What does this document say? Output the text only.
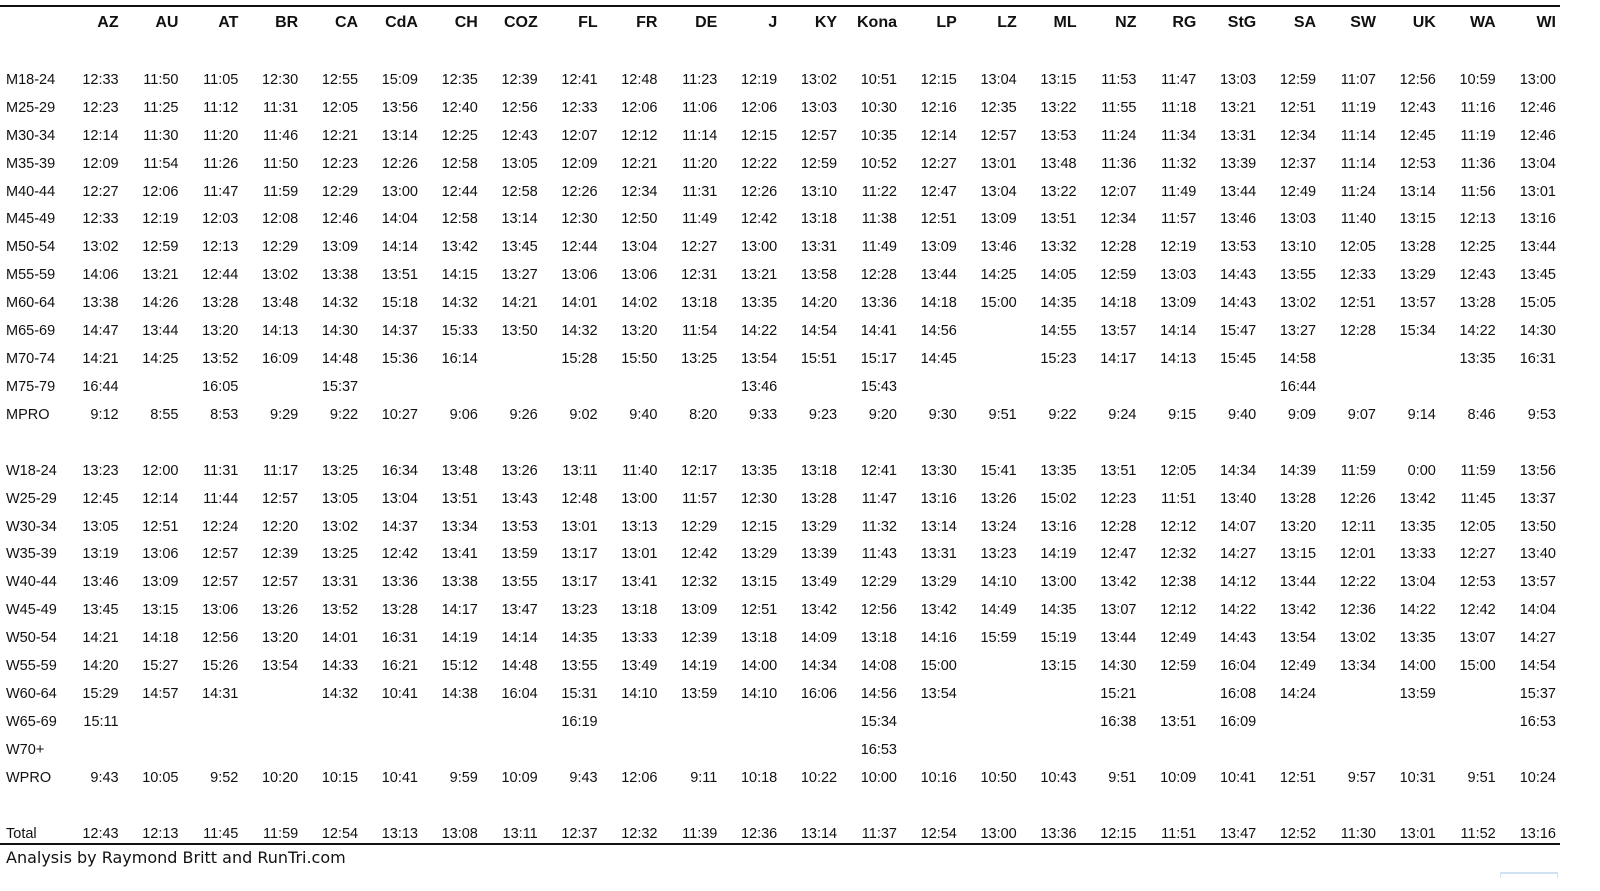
	AZ	AU	AT	BR	CA	CdA	CH	COZ	FL	FR	DE	J	KY	Kona	LP	LZ	ML	NZ	RG	StG	SA	SW	UK	WA	WI

M18-24	12:33	11:50	11:05	12:30	12:55	15:09	12:35	12:39	12:41	12:48	11:23	12:19	13:02	10:51	12:15	13:04	13:15	11:53	11:47	13:03	12:59	11:07	12:56	10:59	13:00
M25-29	12:23	11:25	11:12	11:31	12:05	13:56	12:40	12:56	12:33	12:06	11:06	12:06	13:03	10:30	12:16	12:35	13:22	11:55	11:18	13:21	12:51	11:19	12:43	11:16	12:46
M30-34	12:14	11:30	11:20	11:46	12:21	13:14	12:25	12:43	12:07	12:12	11:14	12:15	12:57	10:35	12:14	12:57	13:53	11:24	11:34	13:31	12:34	11:14	12:45	11:19	12:46
M35-39	12:09	11:54	11:26	11:50	12:23	12:26	12:58	13:05	12:09	12:21	11:20	12:22	12:59	10:52	12:27	13:01	13:48	11:36	11:32	13:39	12:37	11:14	12:53	11:36	13:04
M40-44	12:27	12:06	11:47	11:59	12:29	13:00	12:44	12:58	12:26	12:34	11:31	12:26	13:10	11:22	12:47	13:04	13:22	12:07	11:49	13:44	12:49	11:24	13:14	11:56	13:01
M45-49	12:33	12:19	12:03	12:08	12:46	14:04	12:58	13:14	12:30	12:50	11:49	12:42	13:18	11:38	12:51	13:09	13:51	12:34	11:57	13:46	13:03	11:40	13:15	12:13	13:16
M50-54	13:02	12:59	12:13	12:29	13:09	14:14	13:42	13:45	12:44	13:04	12:27	13:00	13:31	11:49	13:09	13:46	13:32	12:28	12:19	13:53	13:10	12:05	13:28	12:25	13:44
M55-59	14:06	13:21	12:44	13:02	13:38	13:51	14:15	13:27	13:06	13:06	12:31	13:21	13:58	12:28	13:44	14:25	14:05	12:59	13:03	14:43	13:55	12:33	13:29	12:43	13:45
M60-64	13:38	14:26	13:28	13:48	14:32	15:18	14:32	14:21	14:01	14:02	13:18	13:35	14:20	13:36	14:18	15:00	14:35	14:18	13:09	14:43	13:02	12:51	13:57	13:28	15:05
M65-69	14:47	13:44	13:20	14:13	14:30	14:37	15:33	13:50	14:32	13:20	11:54	14:22	14:54	14:41	14:56		14:55	13:57	14:14	15:47	13:27	12:28	15:34	14:22	14:30
M70-74	14:21	14:25	13:52	16:09	14:48	15:36	16:14		15:28	15:50	13:25	13:54	15:51	15:17	14:45		15:23	14:17	14:13	15:45	14:58			13:35	16:31
M75-79	16:44		16:05		15:37							13:46		15:43							16:44				
MPRO	9:12	8:55	8:53	9:29	9:22	10:27	9:06	9:26	9:02	9:40	8:20	9:33	9:23	9:20	9:30	9:51	9:22	9:24	9:15	9:40	9:09	9:07	9:14	8:46	9:53

W18-24	13:23	12:00	11:31	11:17	13:25	16:34	13:48	13:26	13:11	11:40	12:17	13:35	13:18	12:41	13:30	15:41	13:35	13:51	12:05	14:34	14:39	11:59	0:00	11:59	13:56
W25-29	12:45	12:14	11:44	12:57	13:05	13:04	13:51	13:43	12:48	13:00	11:57	12:30	13:28	11:47	13:16	13:26	15:02	12:23	11:51	13:40	13:28	12:26	13:42	11:45	13:37
W30-34	13:05	12:51	12:24	12:20	13:02	14:37	13:34	13:53	13:01	13:13	12:29	12:15	13:29	11:32	13:14	13:24	13:16	12:28	12:12	14:07	13:20	12:11	13:35	12:05	13:50
W35-39	13:19	13:06	12:57	12:39	13:25	12:42	13:41	13:59	13:17	13:01	12:42	13:29	13:39	11:43	13:31	13:23	14:19	12:47	12:32	14:27	13:15	12:01	13:33	12:27	13:40
W40-44	13:46	13:09	12:57	12:57	13:31	13:36	13:38	13:55	13:17	13:41	12:32	13:15	13:49	12:29	13:29	14:10	13:00	13:42	12:38	14:12	13:44	12:22	13:04	12:53	13:57
W45-49	13:45	13:15	13:06	13:26	13:52	13:28	14:17	13:47	13:23	13:18	13:09	12:51	13:42	12:56	13:42	14:49	14:35	13:07	12:12	14:22	13:42	12:36	14:22	12:42	14:04
W50-54	14:21	14:18	12:56	13:20	14:01	16:31	14:19	14:14	14:35	13:33	12:39	13:18	14:09	13:18	14:16	15:59	15:19	13:44	12:49	14:43	13:54	13:02	13:35	13:07	14:27
W55-59	14:20	15:27	15:26	13:54	14:33	16:21	15:12	14:48	13:55	13:49	14:19	14:00	14:34	14:08	15:00		13:15	14:30	12:59	16:04	12:49	13:34	14:00	15:00	14:54
W60-64	15:29	14:57	14:31		14:32	10:41	14:38	16:04	15:31	14:10	13:59	14:10	16:06	14:56	13:54			15:21		16:08	14:24		13:59		15:37
W65-69	15:11								16:19					15:34				16:38	13:51	16:09					16:53
W70+														16:53											
WPRO	9:43	10:05	9:52	10:20	10:15	10:41	9:59	10:09	9:43	12:06	9:11	10:18	10:22	10:00	10:16	10:50	10:43	9:51	10:09	10:41	12:51	9:57	10:31	9:51	10:24

Total	12:43	12:13	11:45	11:59	12:54	13:13	13:08	13:11	12:37	12:32	11:39	12:36	13:14	11:37	12:54	13:00	13:36	12:15	11:51	13:47	12:52	11:30	13:01	11:52	13:16
Analysis by Raymond Britt and RunTri.com
